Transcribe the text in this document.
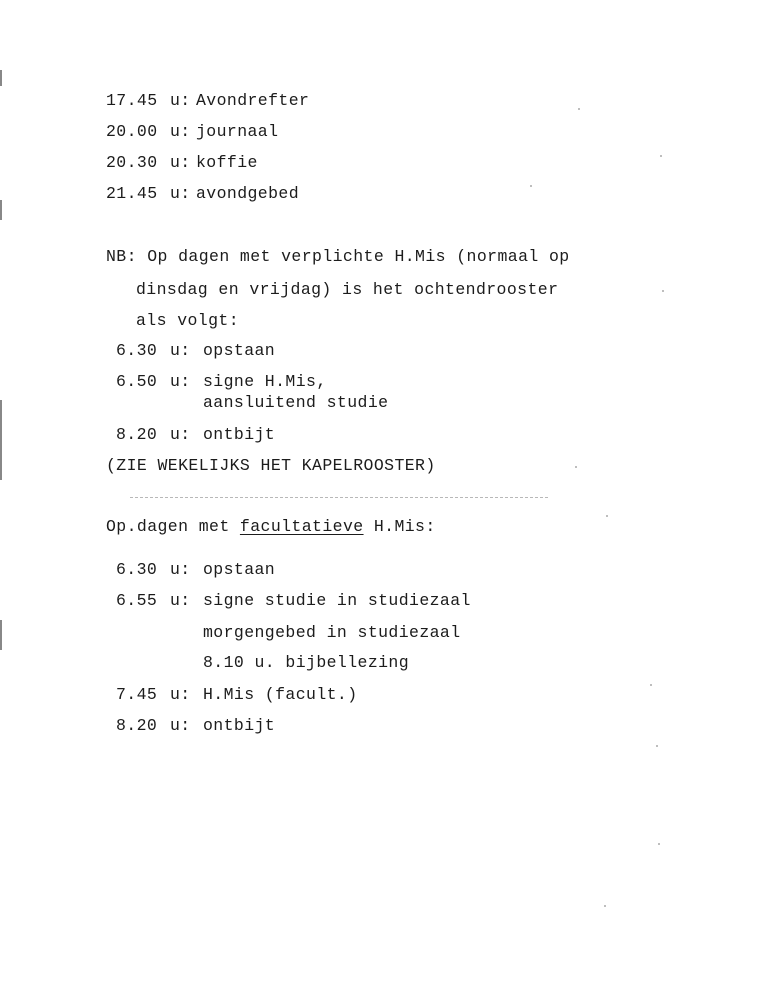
17.45 u: Avondrefter
20.00 u: journaal
20.30 u: koffie
21.45 u: avondgebed
NB: Op dagen met verplichte H.Mis (normaal op
dinsdag en vrijdag) is het ochtendrooster
als volgt:
6.30 u: opstaan
6.50 u: signe H.Mis,
aansluitend studie
8.20 u: ontbijt
(ZIE WEKELIJKS HET KAPELROOSTER)
Op.dagen met facultatieve H.Mis:
6.30 u: opstaan
6.55 u: signe studie in studiezaal
morgengebed in studiezaal
8.10 u. bijbellezing
7.45 u: H.Mis (facult.)
8.20 u: ontbijt
